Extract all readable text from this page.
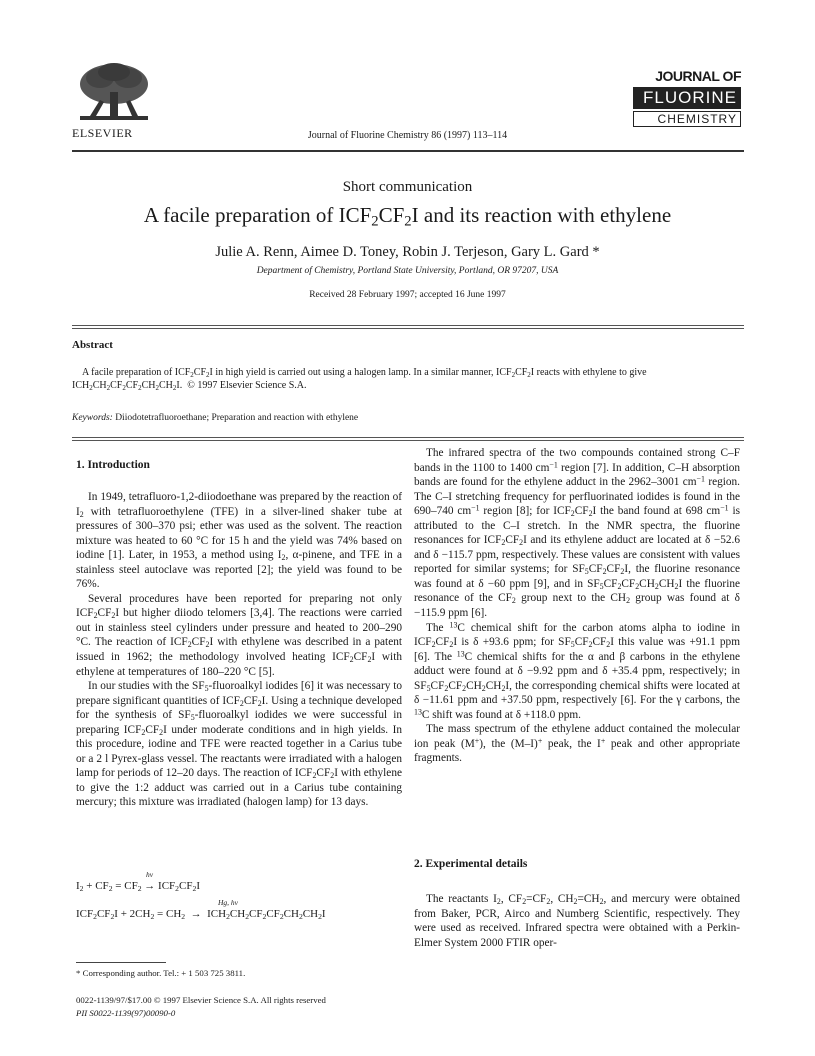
ELSEVIER	Journal of Fluorine Chemistry 86 (1997) 113–114
JOURNAL OF
FLUORINE
CHEMISTRY
Short communication
A facile preparation of $ICF_2CF_2I$ and its reaction with ethylene
Julie A. Renn, Aimee D. Toney, Robin J. Terjeson, Gary L. Gard *
Department of Chemistry, Portland State University, Portland, OR 97207, USA
Received 28 February 1997; accepted 16 June 1997
Abstract

A facile preparation of $ICF_2CF_2I$ in high yield is carried out using a halogen lamp. In a similar manner, $ICF_2CF_2I$ reacts with ethylene to give $ICH_2CH_2CF_2CF_2CH_2CH_2I$.  © 1997 Elsevier Science S.A.

Keywords: Diiodotetrafluoroethane; Preparation and reaction with ethylene
1. Introduction

In 1949, tetrafluoro-1,2-diiodoethane was prepared by the reaction of $I_2$ with tetrafluoroethylene (TFE) in a silver-lined shaker tube at pressures of 300–370 psi; ether was used as the solvent. The reaction mixture was heated to 60 °C for 15 h and the yield was 74% based on iodine [1]. Later, in 1953, a method using $I_2$, α-pinene, and TFE in a stainless steel autoclave was reported [2]; the yield was found to be 76%.

Several procedures have been reported for preparing not only $ICF_2CF_2I$ but higher diiodo telomers [3,4]. The reactions were carried out in stainless steel cylinders under pressure and heated to 200–290 °C. The reaction of $ICF_2CF_2I$ with ethylene was described in a patent issued in 1962; the methodology involved heating $ICF_2CF_2I$ with ethylene at temperatures of 180–220 °C [5].

In our studies with the $SF_5$-fluoroalkyl iodides [6] it was necessary to prepare significant quantities of $ICF_2CF_2I$. Using a technique developed for the synthesis of $SF_5$-fluoroalkyl iodides we were successful in preparing $ICF_2CF_2I$ under moderate conditions and in high yields. In this procedure, iodine and TFE were reacted together in a Carius tube or a 2 l Pyrex-glass vessel. The reactants were irradiated with a halogen lamp for periods of 12–20 days. The reaction of $ICF_2CF_2I$ with ethylene to give the 1:2 adduct was carried out in a Carius tube containing mercury; this mixture was irradiated (halogen lamp) for 13 days.

hν
$I_2 + CF_2 = CF_2 \to ICF_2CF_2I$
Hg, hν
$ICF_2CF_2I + 2CH_2 = CH_2 \to ICH_2CH_2CF_2CF_2CH_2CH_2I$
* Corresponding author. Tel.: + 1 503 725 3811.
0022-1139/97/$17.00 © 1997 Elsevier Science S.A. All rights reserved
PII S0022-1139(97)00090-0

The infrared spectra of the two compounds contained strong C–F bands in the 1100 to 1400 $cm^{-1}$ region [7]. In addition, C–H absorption bands are found for the ethylene adduct in the 2962–3001 $cm^{-1}$ region. The C–I stretching frequency for perfluorinated iodides is found in the 690–740 $cm^{-1}$ region [8]; for $ICF_2CF_2I$ the band found at 698 $cm^{-1}$ is attributed to the C–I stretch. In the NMR spectra, the fluorine resonances for $ICF_2CF_2I$ and its ethylene adduct are located at δ −52.6 and δ −115.7 ppm, respectively. These values are consistent with values reported for similar systems; for $SF_5CF_2CF_2I$, the fluorine resonance was found at δ −60 ppm [9], and in $SF_5CF_2CF_2CH_2CH_2I$ the fluorine resonance of the $CF_2$ group next to the $CH_2$ group was found at δ −115.9 ppm [6].

The $^{13}$C chemical shift for the carbon atoms alpha to iodine in $ICF_2CF_2I$ is δ +93.6 ppm; for $SF_5CF_2CF_2I$ this value was +91.1 ppm [6]. The $^{13}$C chemical shifts for the α and β carbons in the ethylene adduct were found at δ −9.92 ppm and δ +35.4 ppm, respectively; in $SF_5CF_2CF_2CH_2CH_2I$, the corresponding chemical shifts were located at δ −11.61 ppm and +37.50 ppm, respectively [6]. For the γ carbons, the $^{13}$C shift was found at δ +118.0 ppm.

The mass spectrum of the ethylene adduct contained the molecular ion peak (M+), the (M–I)+ peak, the I+ peak and other appropriate fragments.

2. Experimental details

The reactants $I_2$, $CF_2=CF_2$, $CH_2=CH_2$, and mercury were obtained from Baker, PCR, Airco and Numberg Scientific, respectively. They were used as received. Infrared spectra were obtained with a Perkin-Elmer System 2000 FTIR oper-
